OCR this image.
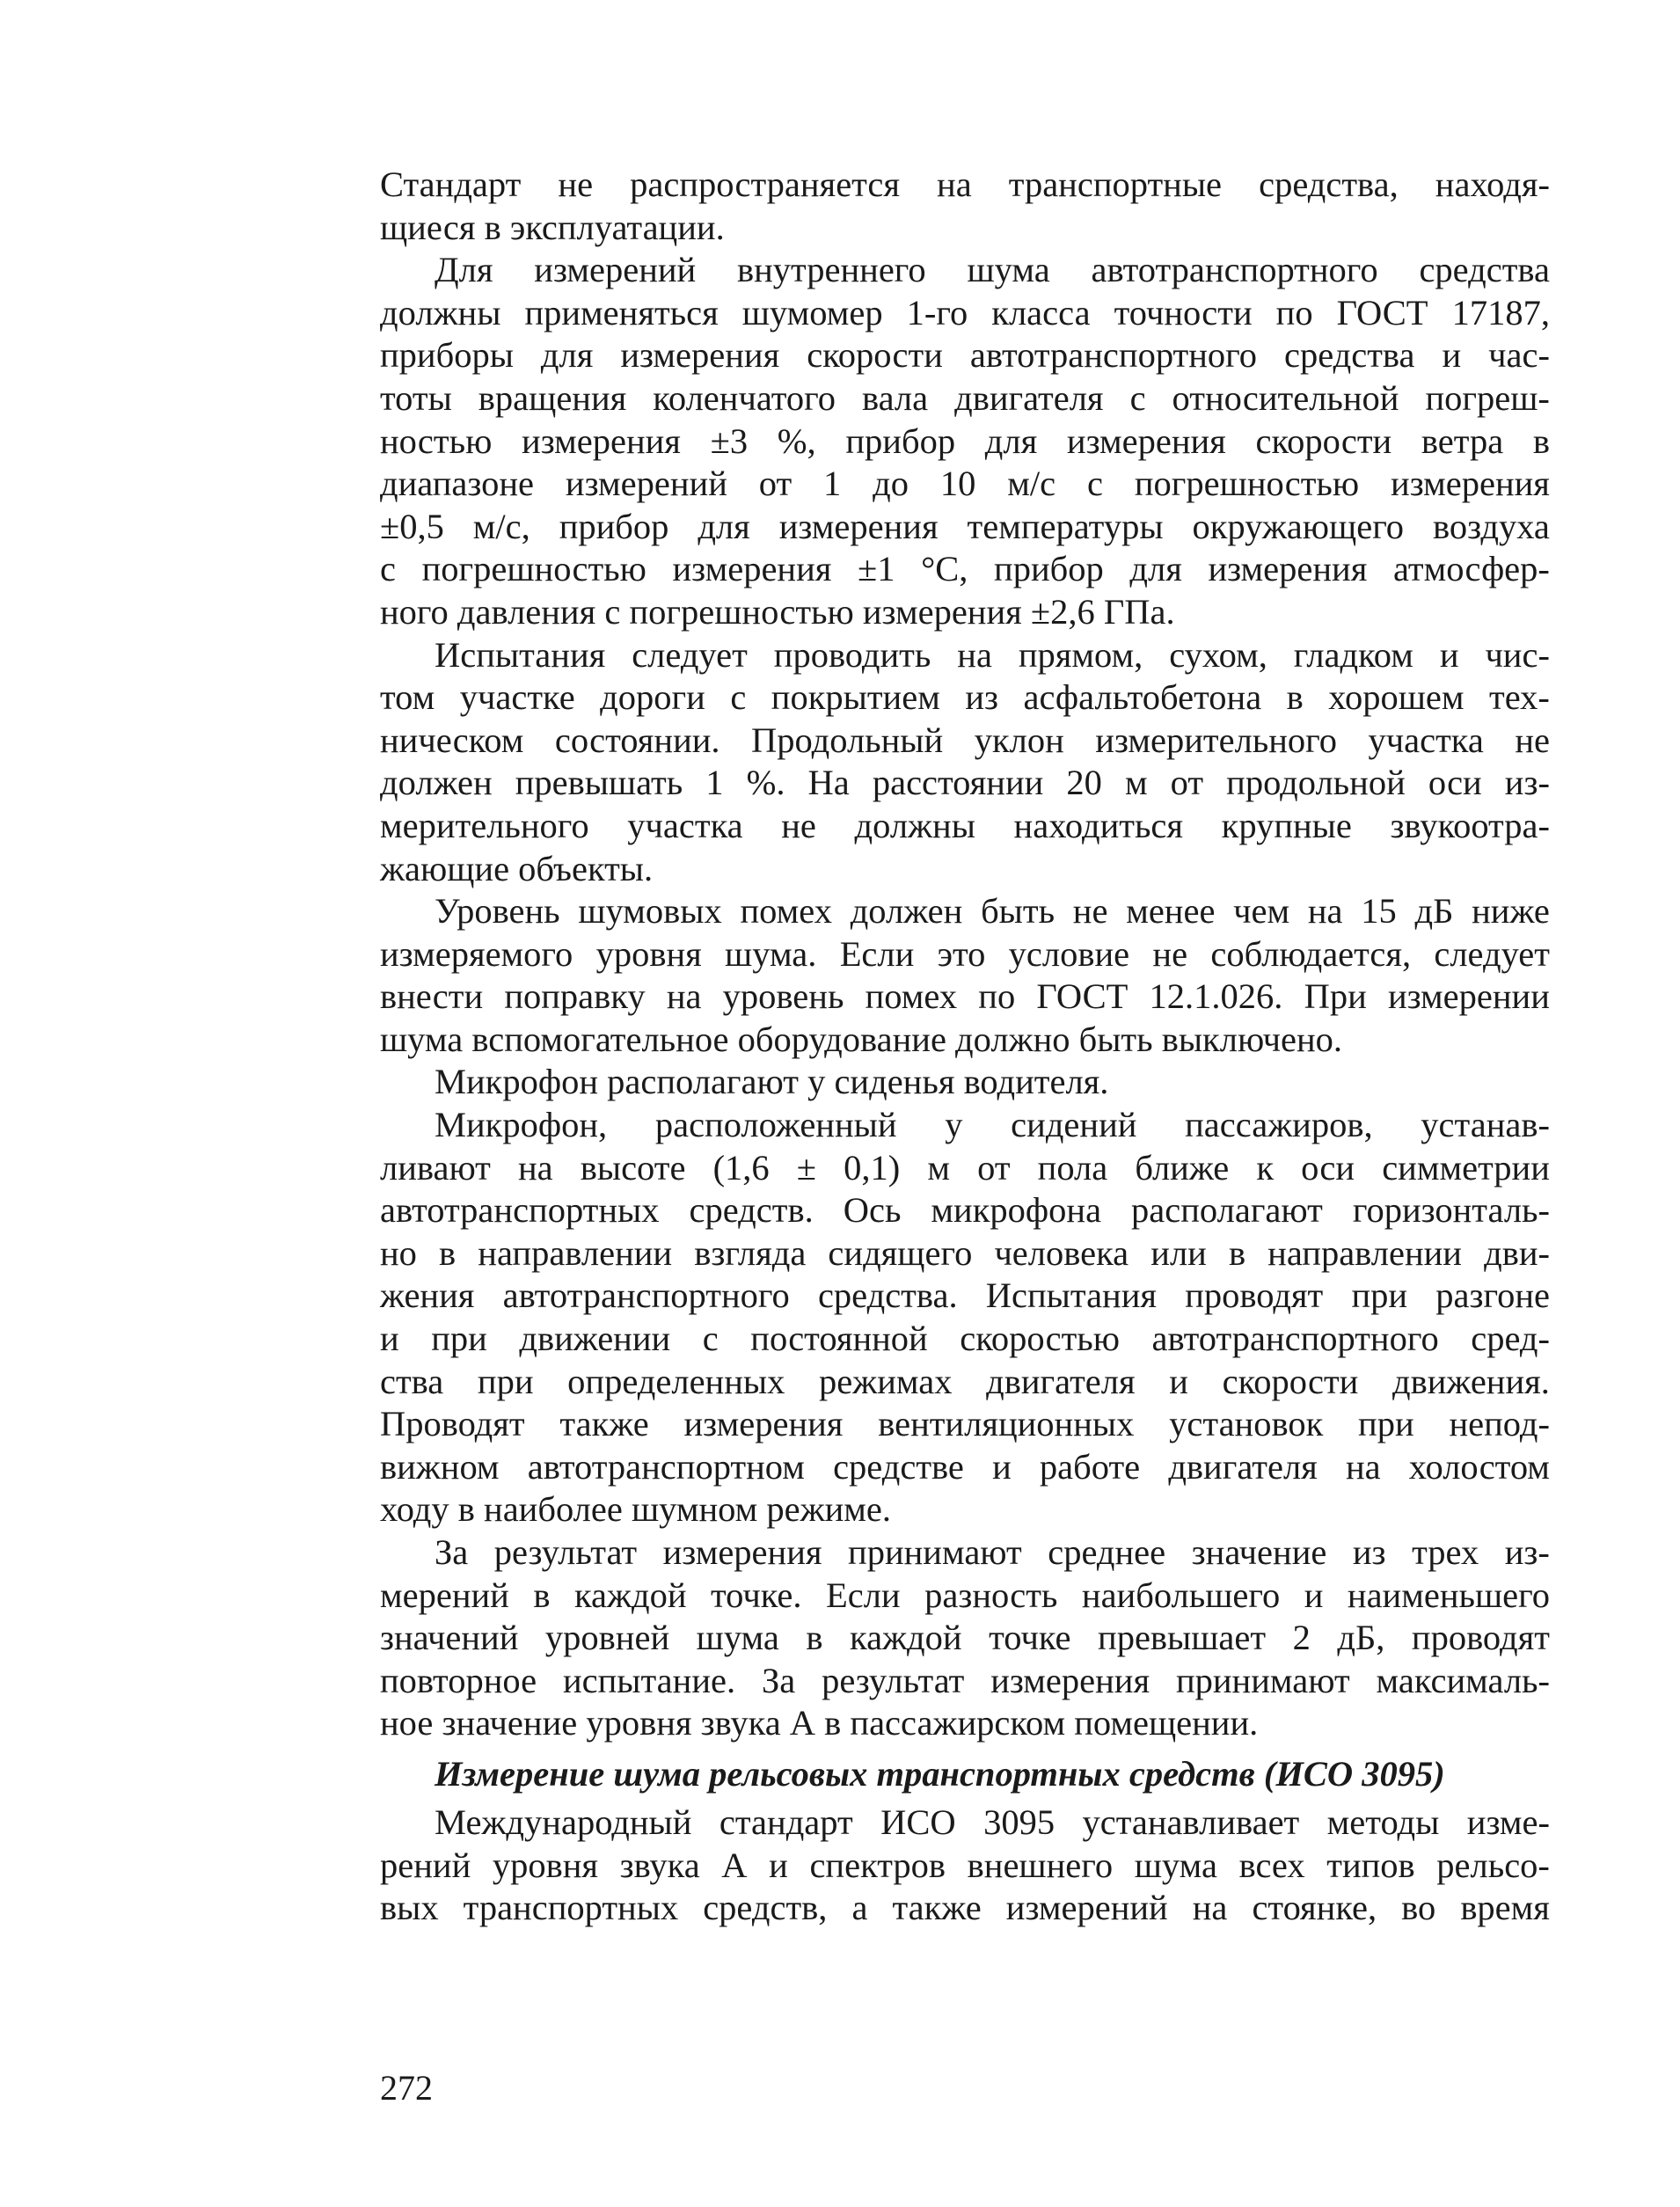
Стандарт не распространяется на транспортные средства, находя-
щиеся в эксплуатации.
Для измерений внутреннего шума автотранспортного средства
должны применяться шумомер 1-го класса точности по ГОСТ 17187,
приборы для измерения скорости автотранспортного средства и час-
тоты вращения коленчатого вала двигателя с относительной погреш-
ностью измерения ±3 %, прибор для измерения скорости ветра в
диапазоне измерений от 1 до 10 м/с с погрешностью измерения
±0,5 м/с, прибор для измерения температуры окружающего воздуха
с погрешностью измерения ±1 °С, прибор для измерения атмосфер-
ного давления с погрешностью измерения ±2,6 ГПа.
Испытания следует проводить на прямом, сухом, гладком и чис-
том участке дороги с покрытием из асфальтобетона в хорошем тех-
ническом состоянии. Продольный уклон измерительного участка не
должен превышать 1 %. На расстоянии 20 м от продольной оси из-
мерительного участка не должны находиться крупные звукоотра-
жающие объекты.
Уровень шумовых помех должен быть не менее чем на 15 дБ ниже
измеряемого уровня шума. Если это условие не соблюдается, следует
внести поправку на уровень помех по ГОСТ 12.1.026. При измерении
шума вспомогательное оборудование должно быть выключено.
Микрофон располагают у сиденья водителя.
Микрофон, расположенный у сидений пассажиров, устанав-
ливают на высоте (1,6 ± 0,1) м от пола ближе к оси симметрии
автотранспортных средств. Ось микрофона располагают горизонталь-
но в направлении взгляда сидящего человека или в направлении дви-
жения автотранспортного средства. Испытания проводят при разгоне
и при движении с постоянной скоростью автотранспортного сред-
ства при определенных режимах двигателя и скорости движения.
Проводят также измерения вентиляционных установок при непод-
вижном автотранспортном средстве и работе двигателя на холостом
ходу в наиболее шумном режиме.
За результат измерения принимают среднее значение из трех из-
мерений в каждой точке. Если разность наибольшего и наименьшего
значений уровней шума в каждой точке превышает 2 дБ, проводят
повторное испытание. За результат измерения принимают максималь-
ное значение уровня звука А в пассажирском помещении.
Измерение шума рельсовых транспортных средств (ИСО 3095)
Международный стандарт ИСО 3095 устанавливает методы изме-
рений уровня звука А и спектров внешнего шума всех типов рельсо-
вых транспортных средств, а также измерений на стоянке, во время
272
